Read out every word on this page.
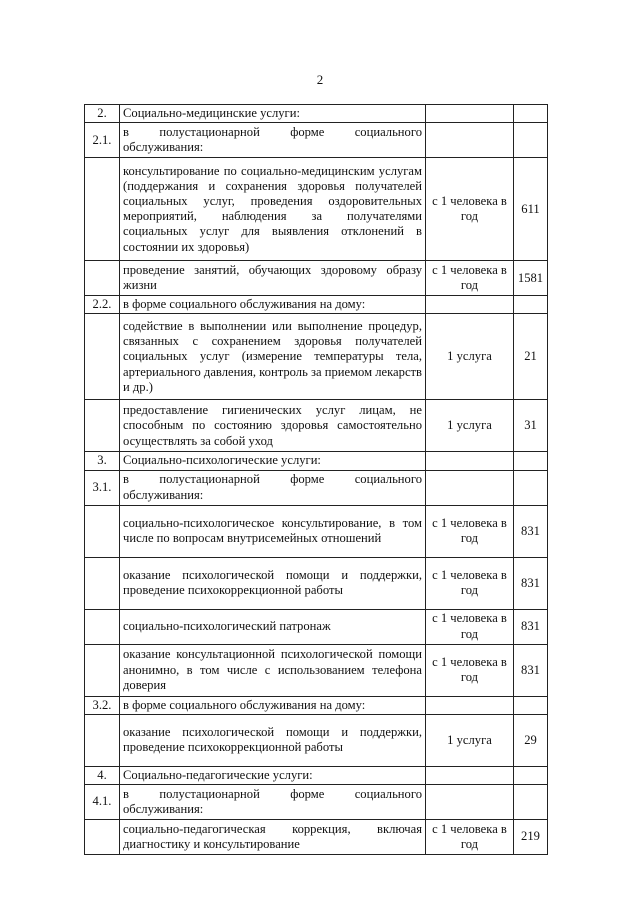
2
2.	Социально-медицинские услуги:		
2.1.	в полустационарной форме социального обслуживания:		
	консультирование по социально-медицинским услугам (поддержания и сохранения здоровья получателей социальных услуг, проведения оздоровительных мероприятий, наблюдения за получателями социальных услуг для выявления отклонений в состоянии их здоровья)	с 1 человека в год	611
	проведение занятий, обучающих здоровому образу жизни	с 1 человека в год	1581
2.2.	в форме социального обслуживания на дому:		
	содействие в выполнении или выполнение процедур, связанных с сохранением здоровья получателей социальных услуг (измерение температуры тела, артериального давления, контроль за приемом лекарств и др.)	1 услуга	21
	предоставление гигиенических услуг лицам, не способным по состоянию здоровья самостоятельно осуществлять за собой уход	1 услуга	31
3.	Социально-психологические услуги:		
3.1.	в полустационарной форме социального обслуживания:		
	социально-психологическое консультирование, в том числе по вопросам внутрисемейных отношений	с 1 человека в год	831
	оказание психологической помощи и поддержки, проведение психокоррекционной работы	с 1 человека в год	831
	социально-психологический патронаж	с 1 человека в год	831
	оказание консультационной психологической помощи анонимно, в том числе с использованием телефона доверия	с 1 человека в год	831
3.2.	в форме социального обслуживания на дому:		
	оказание психологической помощи и поддержки, проведение психокоррекционной работы	1 услуга	29
4.	Социально-педагогические услуги:		
4.1.	в полустационарной форме социального обслуживания:		
	социально-педагогическая коррекция, включая диагностику и консультирование	с 1 человека в год	219
